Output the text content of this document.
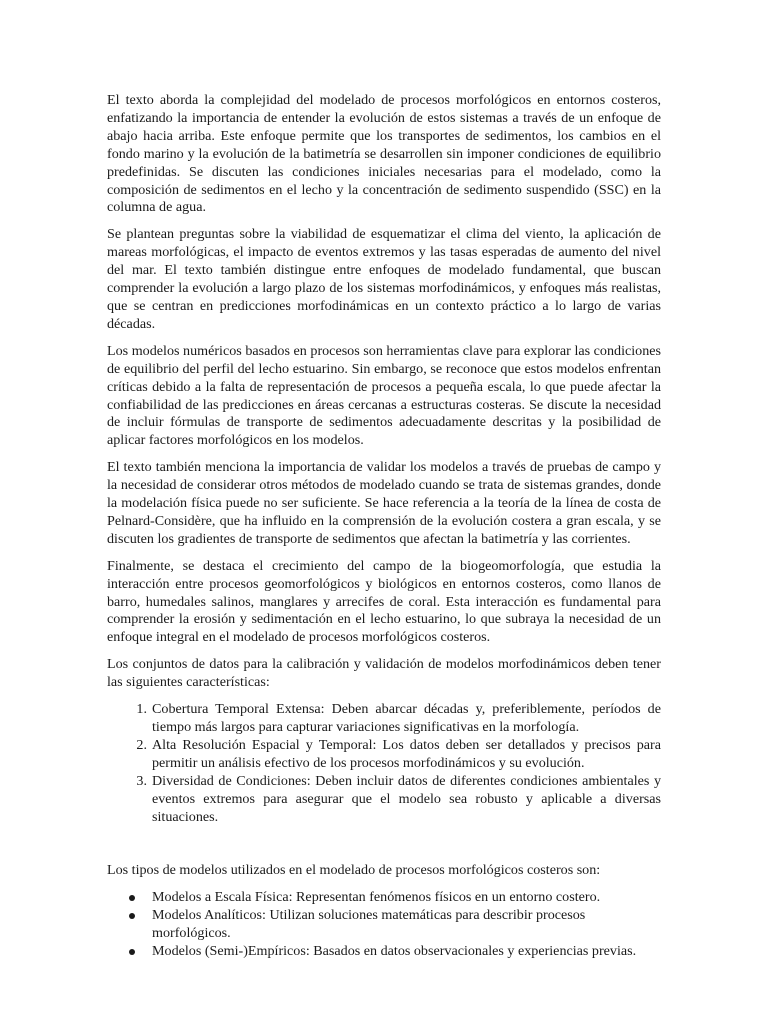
El texto aborda la complejidad del modelado de procesos morfológicos en entornos costeros, enfatizando la importancia de entender la evolución de estos sistemas a través de un enfoque de abajo hacia arriba. Este enfoque permite que los transportes de sedimentos, los cambios en el fondo marino y la evolución de la batimetría se desarrollen sin imponer condiciones de equilibrio predefinidas. Se discuten las condiciones iniciales necesarias para el modelado, como la composición de sedimentos en el lecho y la concentración de sedimento suspendido (SSC) en la columna de agua.

Se plantean preguntas sobre la viabilidad de esquematizar el clima del viento, la aplicación de mareas morfológicas, el impacto de eventos extremos y las tasas esperadas de aumento del nivel del mar. El texto también distingue entre enfoques de modelado fundamental, que buscan comprender la evolución a largo plazo de los sistemas morfodinámicos, y enfoques más realistas, que se centran en predicciones morfodinámicas en un contexto práctico a lo largo de varias décadas.

Los modelos numéricos basados en procesos son herramientas clave para explorar las condiciones de equilibrio del perfil del lecho estuarino. Sin embargo, se reconoce que estos modelos enfrentan críticas debido a la falta de representación de procesos a pequeña escala, lo que puede afectar la confiabilidad de las predicciones en áreas cercanas a estructuras costeras. Se discute la necesidad de incluir fórmulas de transporte de sedimentos adecuadamente descritas y la posibilidad de aplicar factores morfológicos en los modelos.

El texto también menciona la importancia de validar los modelos a través de pruebas de campo y la necesidad de considerar otros métodos de modelado cuando se trata de sistemas grandes, donde la modelación física puede no ser suficiente. Se hace referencia a la teoría de la línea de costa de Pelnard-Considère, que ha influido en la comprensión de la evolución costera a gran escala, y se discuten los gradientes de transporte de sedimentos que afectan la batimetría y las corrientes.

Finalmente, se destaca el crecimiento del campo de la biogeomorfología, que estudia la interacción entre procesos geomorfológicos y biológicos en entornos costeros, como llanos de barro, humedales salinos, manglares y arrecifes de coral. Esta interacción es fundamental para comprender la erosión y sedimentación en el lecho estuarino, lo que subraya la necesidad de un enfoque integral en el modelado de procesos morfológicos costeros.

Los conjuntos de datos para la calibración y validación de modelos morfodinámicos deben tener las siguientes características:

1. Cobertura Temporal Extensa: Deben abarcar décadas y, preferiblemente, períodos de tiempo más largos para capturar variaciones significativas en la morfología.
2. Alta Resolución Espacial y Temporal: Los datos deben ser detallados y precisos para permitir un análisis efectivo de los procesos morfodinámicos y su evolución.
3. Diversidad de Condiciones: Deben incluir datos de diferentes condiciones ambientales y eventos extremos para asegurar que el modelo sea robusto y aplicable a diversas situaciones.

Los tipos de modelos utilizados en el modelado de procesos morfológicos costeros son:

Modelos a Escala Física: Representan fenómenos físicos en un entorno costero.
Modelos Analíticos: Utilizan soluciones matemáticas para describir procesos morfológicos.
Modelos (Semi-)Empíricos: Basados en datos observacionales y experiencias previas.
